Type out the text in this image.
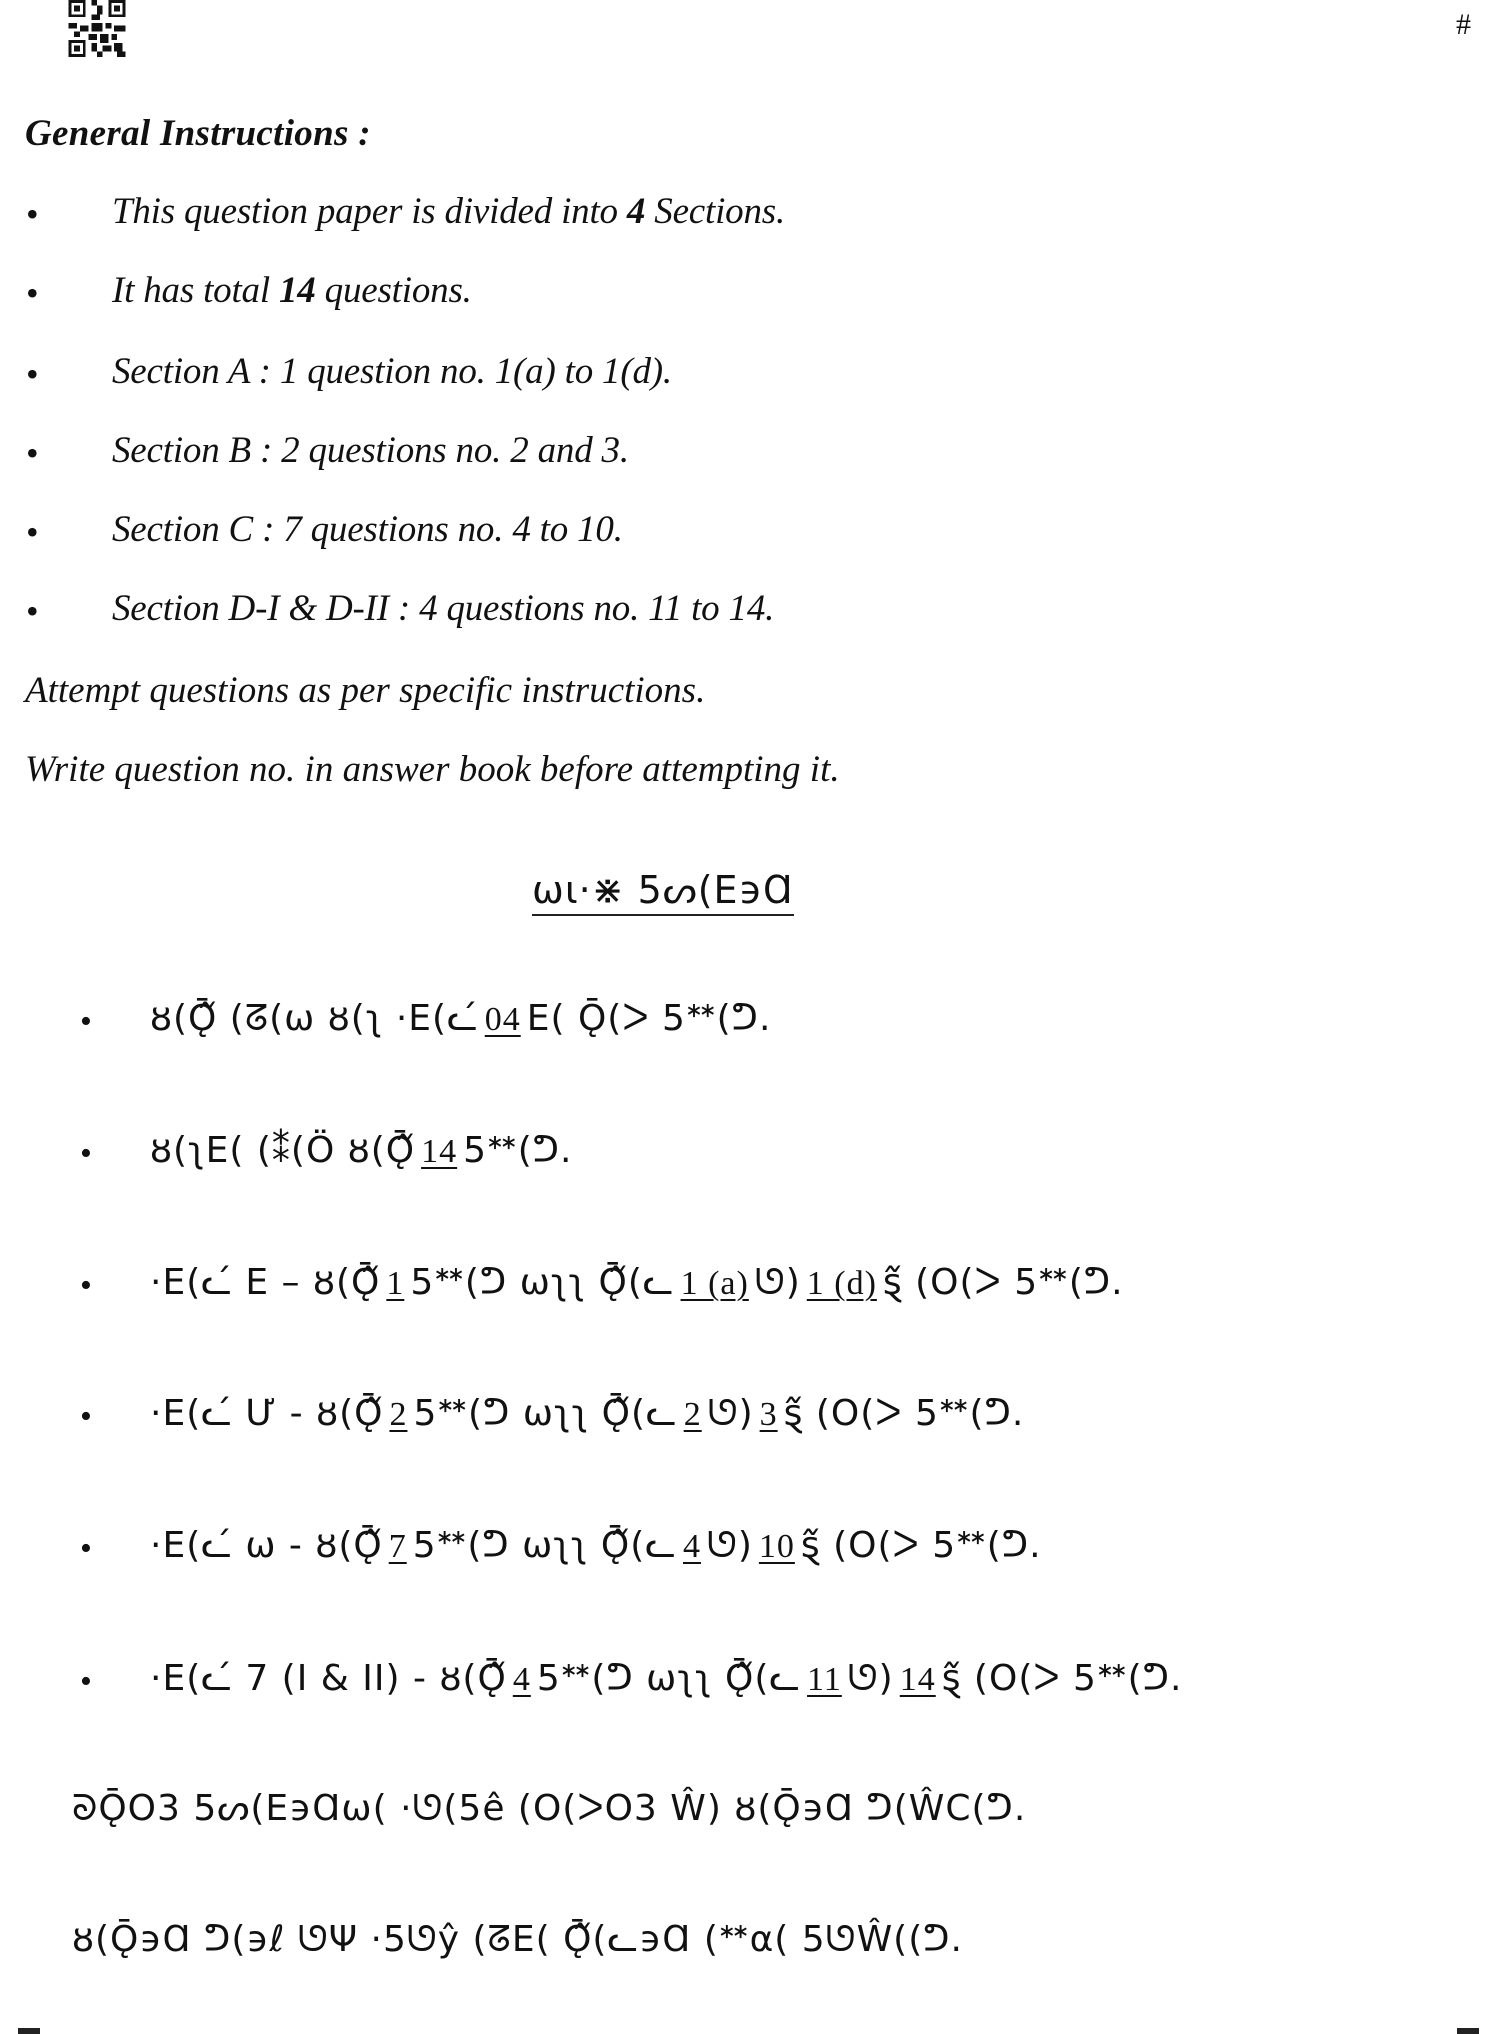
#
General Instructions :
• This question paper is divided into 4 Sections.
• It has total 14 questions.
• Section A : 1 question no. 1(a) to 1(d).
• Section B : 2 questions no. 2 and 3.
• Section C : 7 questions no. 4 to 10.
• Section D-I & D-II : 4 questions no. 11 to 14.
Attempt questions as per specific instructions.
Write question no. in answer book before attempting it.
ωɩ·⋇ 5ᔕ(E϶Ɑ
• ȣ(Ǭ᷉ (ᘔ(ω ȣ(ʅ ·E(ᓚ́ 04 E( Ǭ(ᐳ 5ᕯ(ᕤ.
• ȣ(ʅE( (⁑(Ö ȣ(Ǭ᷉ 14 5ᕯ(ᕤ.
• ·E(ᓚ́ E – ȣ(Ǭ᷉ 1 5ᕯ(ᕤ ωʅʅ Ǭ᷉(ᓚ 1 (a) ᘎ) 1 (d) ȿ᷉ (O(ᐳ 5ᕯ(ᕤ.
• ·E(ᓚ́ Ư - ȣ(Ǭ᷉ 2 5ᕯ(ᕤ ωʅʅ Ǭ᷉(ᓚ 2 ᘎ) 3 ȿ᷉ (O(ᐳ 5ᕯ(ᕤ.
• ·E(ᓚ́ ω - ȣ(Ǭ᷉ 7 5ᕯ(ᕤ ωʅʅ Ǭ᷉(ᓚ 4 ᘎ) 10 ȿ᷉ (O(ᐳ 5ᕯ(ᕤ.
• ·E(ᓚ́ 7 (I & II) - ȣ(Ǭ᷉ 4 5ᕯ(ᕤ ωʅʅ Ǭ᷉(ᓚ 11 ᘎ) 14 ȿ᷉ (O(ᐳ 5ᕯ(ᕤ.
ᘐǬO3 5ᔕ(E϶Ɑω( ·ᘎ(5ê (O(ᐳO3 Ŵ) ȣ(Ǭ϶Ɑ ᕤ(ŴC(ᕤ.
ȣ(Ǭ϶Ɑ ᕤ(϶ℓ ᘎΨ ·5ᘎŷ (ᘔE( Ǭ᷉(ᓚ϶Ɑ (ᕯα( 5ᘎŴ((ᕤ.
